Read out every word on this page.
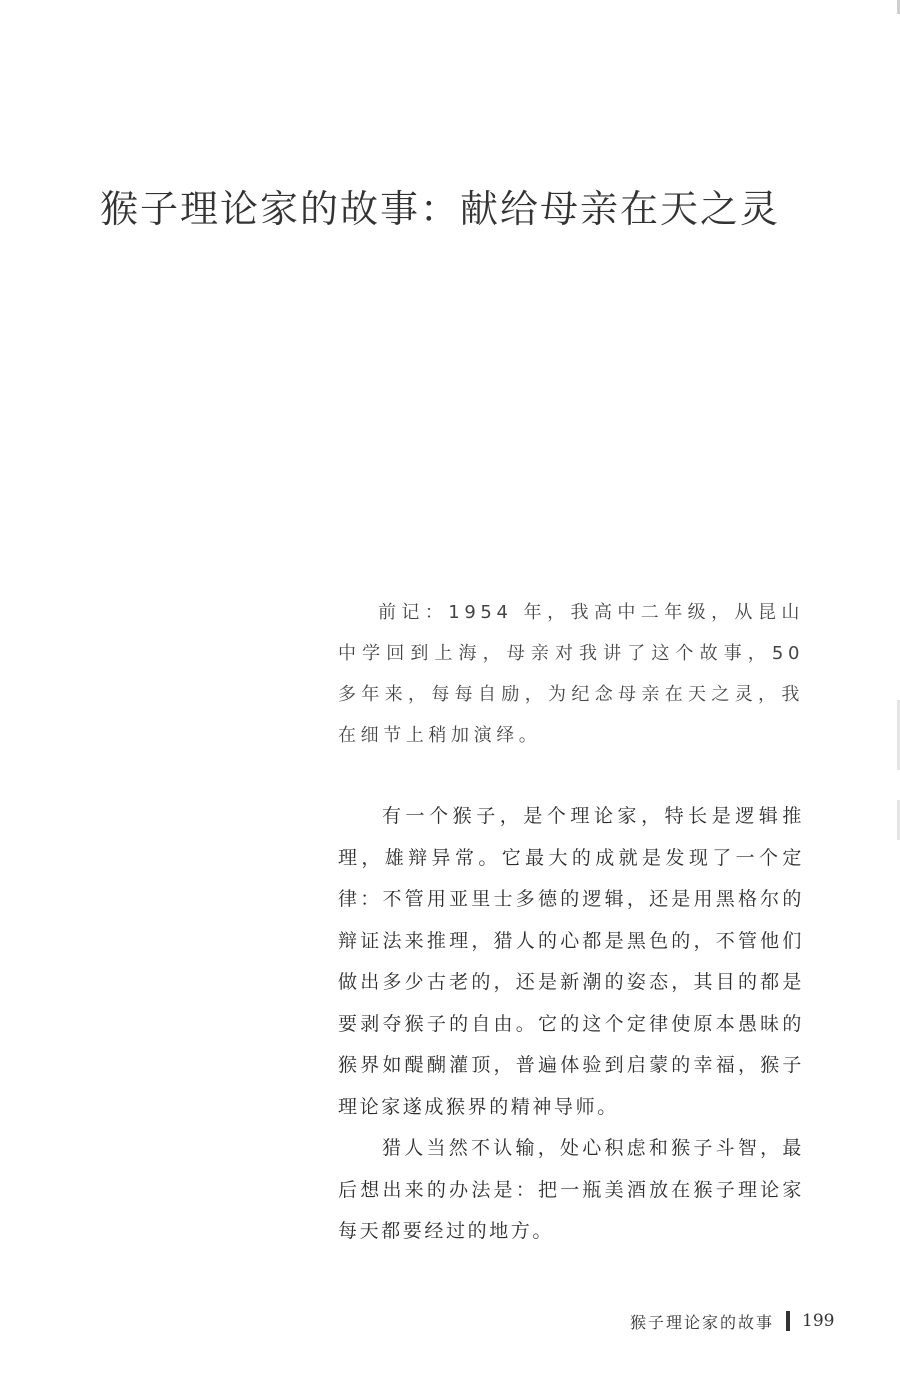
猴子理论家的故事：献给母亲在天之灵

前记：1954 年，我高中二年级，从昆山中学回到上海，母亲对我讲了这个故事，50 多年来，每每自励，为纪念母亲在天之灵，我在细节上稍加演绎。

有一个猴子，是个理论家，特长是逻辑推理，雄辩异常。它最大的成就是发现了一个定律：不管用亚里士多德的逻辑，还是用黑格尔的辩证法来推理，猎人的心都是黑色的，不管他们做出多少古老的，还是新潮的姿态，其目的都是要剥夺猴子的自由。它的这个定律使原本愚昧的猴界如醍醐灌顶，普遍体验到启蒙的幸福，猴子理论家遂成猴界的精神导师。

猎人当然不认输，处心积虑和猴子斗智，最后想出来的办法是：把一瓶美酒放在猴子理论家每天都要经过的地方。

猴子理论家的故事 199
